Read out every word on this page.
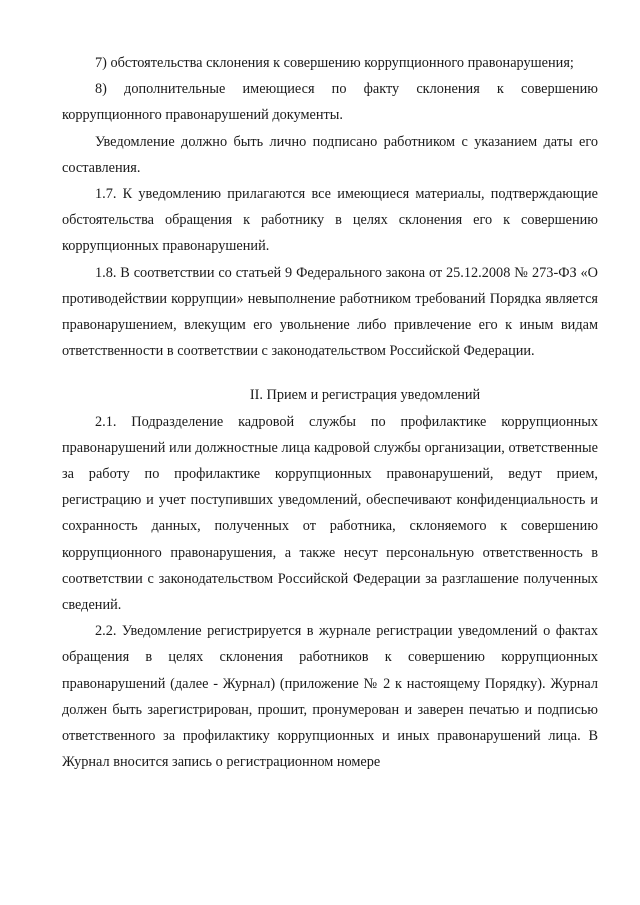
7) обстоятельства склонения к совершению коррупционного правонарушения;

8) дополнительные имеющиеся по факту склонения к совершению коррупционного правонарушений документы.

Уведомление должно быть лично подписано работником с указанием даты его составления.

1.7. К уведомлению прилагаются все имеющиеся материалы, подтверждающие обстоятельства обращения к работнику в целях склонения его к совершению коррупционных правонарушений.

1.8. В соответствии со статьей 9 Федерального закона от 25.12.2008 № 273-ФЗ «О противодействии коррупции» невыполнение работником требований Порядка является правонарушением, влекущим его увольнение либо привлечение его к иным видам ответственности в соответствии с законодательством Российской Федерации.

II. Прием и регистрация уведомлений

2.1. Подразделение кадровой службы по профилактике коррупционных правонарушений или должностные лица кадровой службы организации, ответственные за работу по профилактике коррупционных правонарушений, ведут прием, регистрацию и учет поступивших уведомлений, обеспечивают конфиденциальность и сохранность данных, полученных от работника, склоняемого к совершению коррупционного правонарушения, а также несут персональную ответственность в соответствии с законодательством Российской Федерации за разглашение полученных сведений.

2.2. Уведомление регистрируется в журнале регистрации уведомлений о фактах обращения в целях склонения работников к совершению коррупционных правонарушений (далее - Журнал) (приложение № 2 к настоящему Порядку). Журнал должен быть зарегистрирован, прошит, пронумерован и заверен печатью и подписью ответственного за профилактику коррупционных и иных правонарушений лица. В Журнал вносится запись о регистрационном номере
